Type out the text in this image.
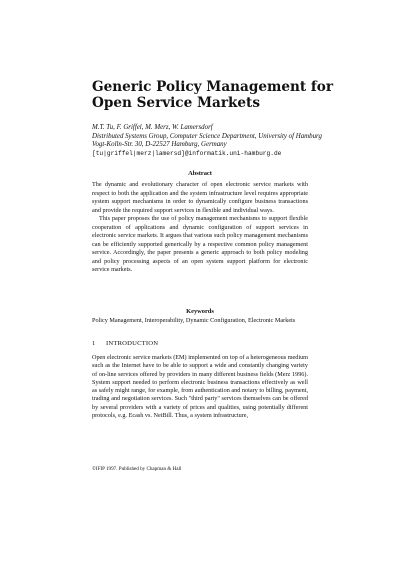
Generic Policy Management for Open Service Markets
M.T. Tu, F. Griffel, M. Merz, W. Lamersdorf
Distributed Systems Group, Computer Science Department, University of Hamburg
Vogt-Kolln-Str. 30, D-22527 Hamburg, Germany
[tu|griffel|merz|lamersd]@informatik.uni-hamburg.de
Abstract

The dynamic and evolutionary character of open electronic service markets with respect to both the application and the system infrastructure level requires appropriate system support mechanisms in order to dynamically configure business transactions and provide the required support services in flexible and individual ways.

This paper proposes the use of policy management mechanisms to support flexible cooperation of applications and dynamic configuration of support services in electronic service markets. It argues that various such policy management mechanisms can be efficiently supported generically by a respective common policy management service. Accordingly, the paper presents a generic approach to both policy modeling and policy processing aspects of an open system support platform for electronic service markets.

Keywords
Policy Management, Interoperability, Dynamic Configuration, Electronic Markets
1 INTRODUCTION

Open electronic service markets (EM) implemented on top of a heterogeneous medium such as the Internet have to be able to support a wide and constantly changing variety of on-line services offered by providers in many different business fields (Merz 1996). System support needed to perform electronic business transactions effectively as well as safely might range, for example, from authentication and notary to billing, payment, trading and negotiation services. Such "third party" services themselves can be offered by several providers with a variety of prices and qualities, using potentially different protocols, e.g. Ecash vs. NetBill. Thus, a system infrastructure,

©IFIP 1997. Published by Chapman & Hall
